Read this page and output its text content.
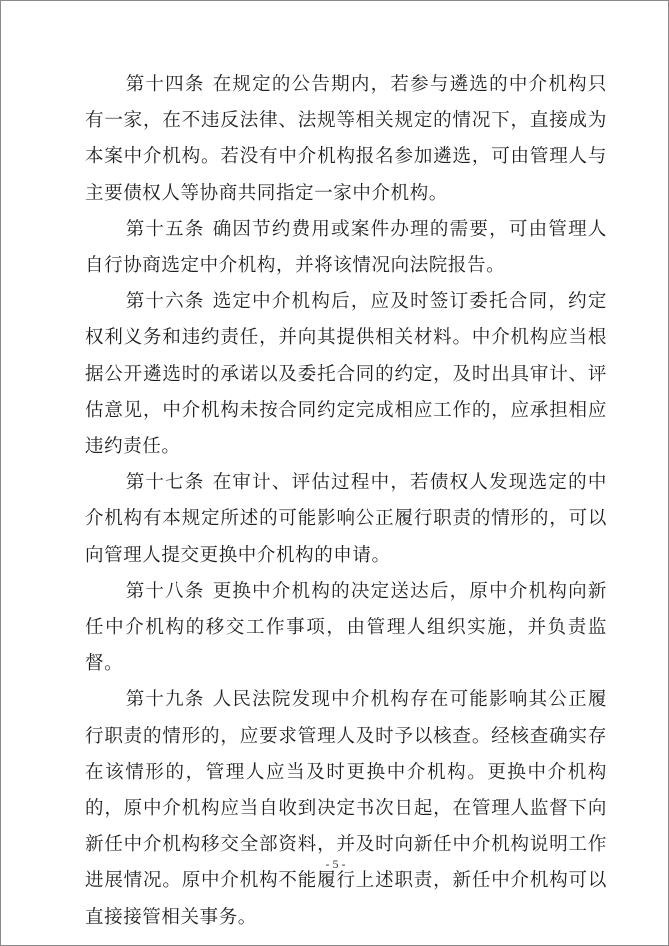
第十四条 在规定的公告期内，若参与遴选的中介机构只有一家，在不违反法律、法规等相关规定的情况下，直接成为本案中介机构。若没有中介机构报名参加遴选，可由管理人与主要债权人等协商共同指定一家中介机构。

第十五条 确因节约费用或案件办理的需要，可由管理人自行协商选定中介机构，并将该情况向法院报告。

第十六条 选定中介机构后，应及时签订委托合同，约定权利义务和违约责任，并向其提供相关材料。中介机构应当根据公开遴选时的承诺以及委托合同的约定，及时出具审计、评估意见，中介机构未按合同约定完成相应工作的，应承担相应违约责任。

第十七条 在审计、评估过程中，若债权人发现选定的中介机构有本规定所述的可能影响公正履行职责的情形的，可以向管理人提交更换中介机构的申请。

第十八条 更换中介机构的决定送达后，原中介机构向新任中介机构的移交工作事项，由管理人组织实施，并负责监督。

第十九条 人民法院发现中介机构存在可能影响其公正履行职责的情形的，应要求管理人及时予以核查。经核查确实存在该情形的，管理人应当及时更换中介机构。更换中介机构的，原中介机构应当自收到决定书次日起，在管理人监督下向新任中介机构移交全部资料，并及时向新任中介机构说明工作进展情况。原中介机构不能履行上述职责，新任中介机构可以直接接管相关事务。

- 5 -
